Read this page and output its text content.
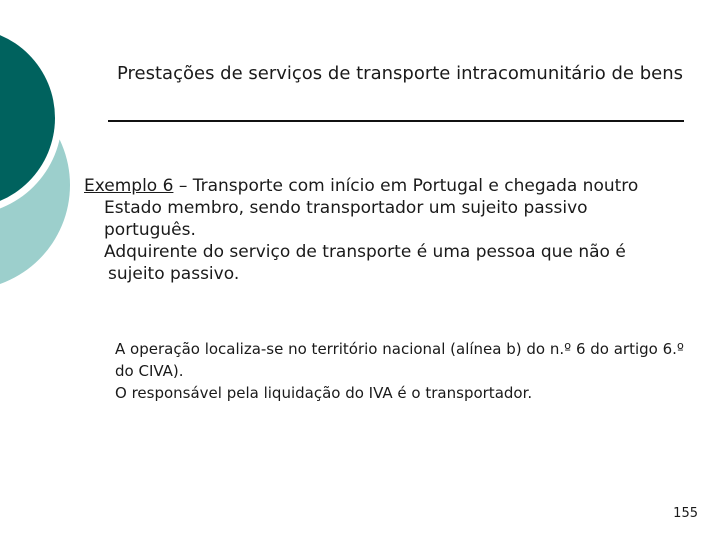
Prestações de serviços de transporte intracomunitário de bens

Exemplo 6 – Transporte com início em Portugal e chegada noutro Estado membro, sendo transportador um sujeito passivo português.

Adquirente do serviço de transporte é uma pessoa que não é sujeito passivo.

A operação localiza-se no território nacional (alínea b) do n.º 6 do artigo 6.º do CIVA).

O responsável pela liquidação do IVA é o transportador.

155
